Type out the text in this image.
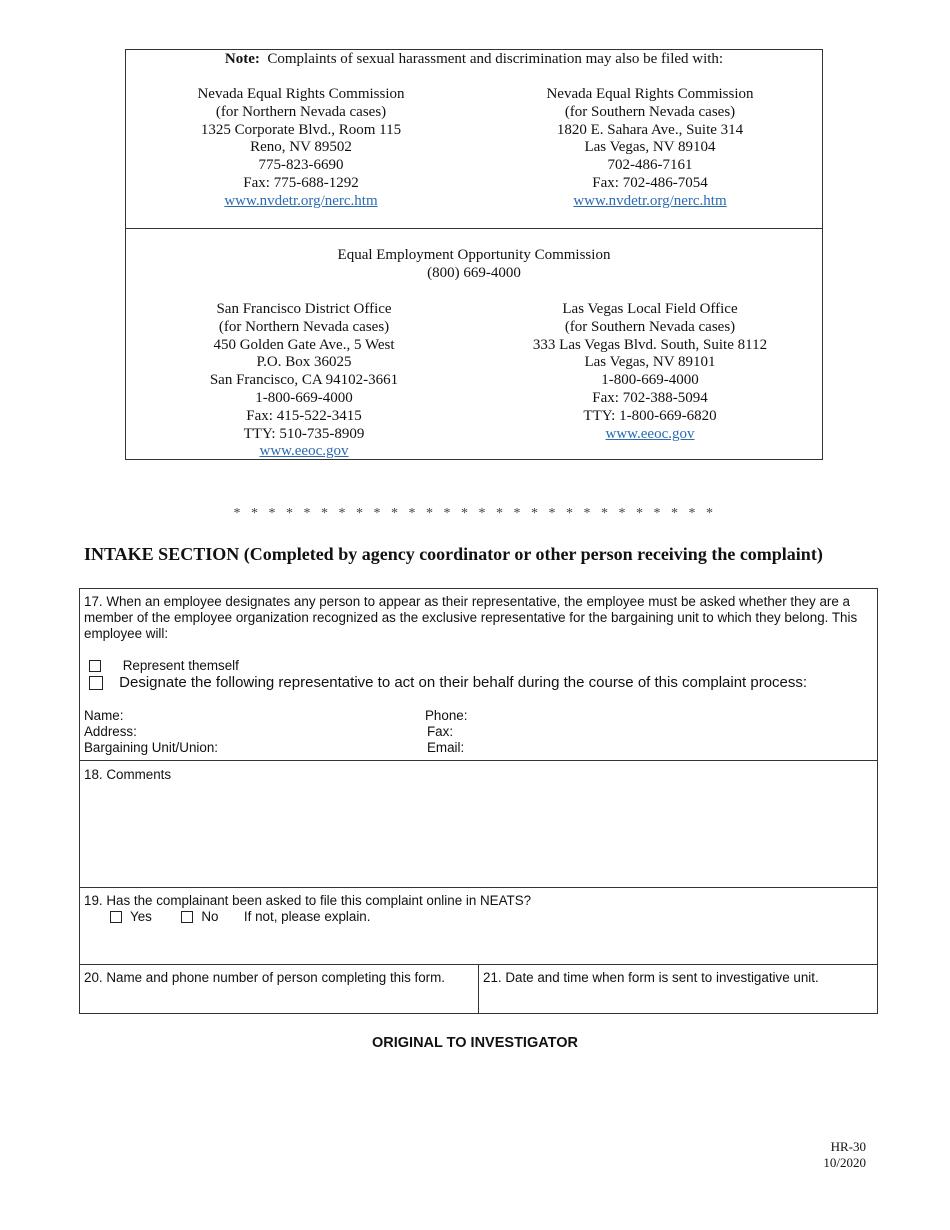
Note: Complaints of sexual harassment and discrimination may also be filed with:
Nevada Equal Rights Commission
(for Northern Nevada cases)
1325 Corporate Blvd., Room 115
Reno, NV 89502
775-823-6690
Fax: 775-688-1292
www.nvdetr.org/nerc.htm
Nevada Equal Rights Commission
(for Southern Nevada cases)
1820 E. Sahara Ave., Suite 314
Las Vegas, NV 89104
702-486-7161
Fax: 702-486-7054
www.nvdetr.org/nerc.htm
Equal Employment Opportunity Commission
(800) 669-4000
San Francisco District Office
(for Northern Nevada cases)
450 Golden Gate Ave., 5 West
P.O. Box 36025
San Francisco, CA 94102-3661
1-800-669-4000
Fax: 415-522-3415
TTY: 510-735-8909
www.eeoc.gov
Las Vegas Local Field Office
(for Southern Nevada cases)
333 Las Vegas Blvd. South, Suite 8112
Las Vegas, NV 89101
1-800-669-4000
Fax: 702-388-5094
TTY: 1-800-669-6820
www.eeoc.gov
* * * * * * * * * * * * * * * * * * * * * * * * * * * *
INTAKE SECTION (Completed by agency coordinator or other person receiving the complaint)
17. When an employee designates any person to appear as their representative, the employee must be asked whether they are a member of the employee organization recognized as the exclusive representative for the bargaining unit to which they belong. This employee will:
Represent themself
Designate the following representative to act on their behalf during the course of this complaint process:
Name:
Address:
Bargaining Unit/Union:
Phone:
Fax:
Email:
18. Comments
19. Has the complainant been asked to file this complaint online in NEATS?
Yes	No If not, please explain.
20. Name and phone number of person completing this form.	21. Date and time when form is sent to investigative unit.
ORIGINAL TO INVESTIGATOR
HR-30
10/2020
